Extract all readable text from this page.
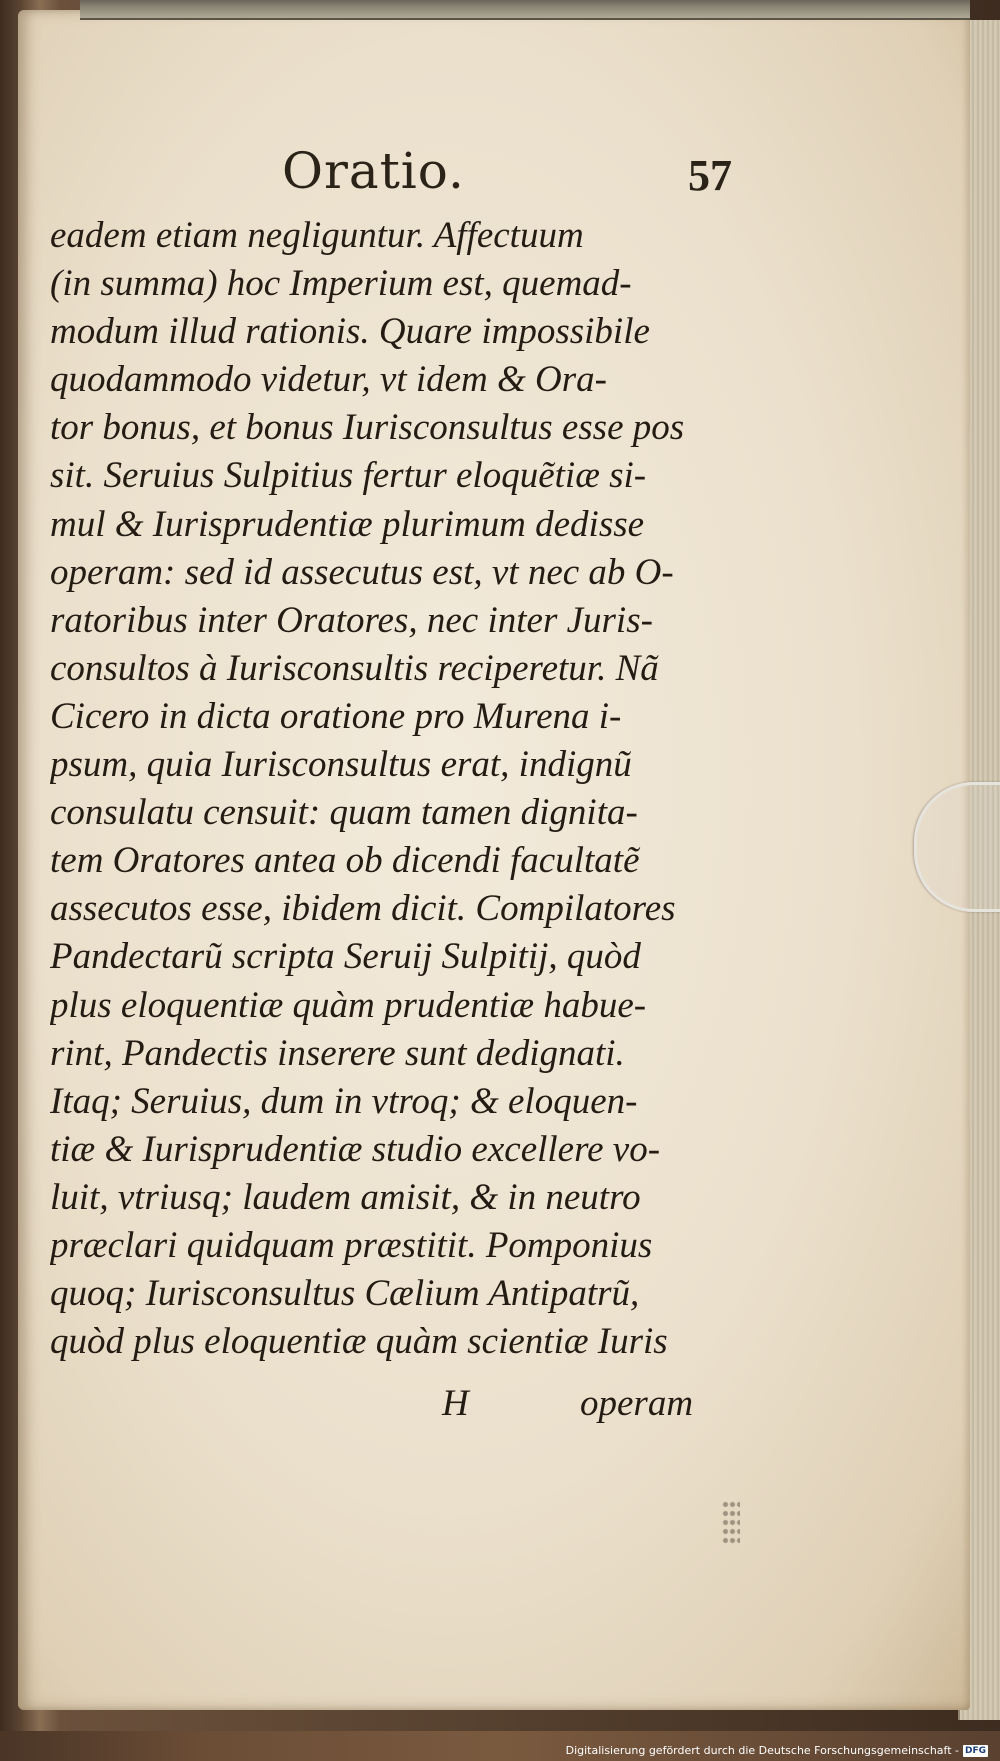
Oratio.	57
eadem etiam negliguntur. Affectuum
(in summa) hoc Imperium est, quemad-
modum illud rationis. Quare impossibile
quodammodo videtur, vt idem & Ora-
tor bonus, et bonus Iurisconsultus esse pos
sit. Seruius Sulpitius fertur eloquẽtiæ si-
mul & Iurisprudentiæ plurimum dedisse
operam: sed id assecutus est, vt nec ab O-
ratoribus inter Oratores, nec inter Juris-
consultos à Iurisconsultis reciperetur. Nã
Cicero in dicta oratione pro Murena i-
psum, quia Iurisconsultus erat, indignũ
consulatu censuit: quam tamen dignita-
tem Oratores antea ob dicendi facultatẽ
assecutos esse, ibidem dicit. Compilatores
Pandectarũ scripta Seruij Sulpitij, quòd
plus eloquentiæ quàm prudentiæ habue-
rint, Pandectis inserere sunt dedignati.
Itaq; Seruius, dum in vtroq; & eloquen-
tiæ & Iurisprudentiæ studio excellere vo-
luit, vtriusq; laudem amisit, & in neutro
præclari quidquam præstitit. Pomponius
quoq; Iurisconsultus Cælium Antipatrũ,
quòd plus eloquentiæ quàm scientiæ Iuris
H	operam
Digitalisierung gefördert durch die Deutsche Forschungsgemeinschaft - DFG
